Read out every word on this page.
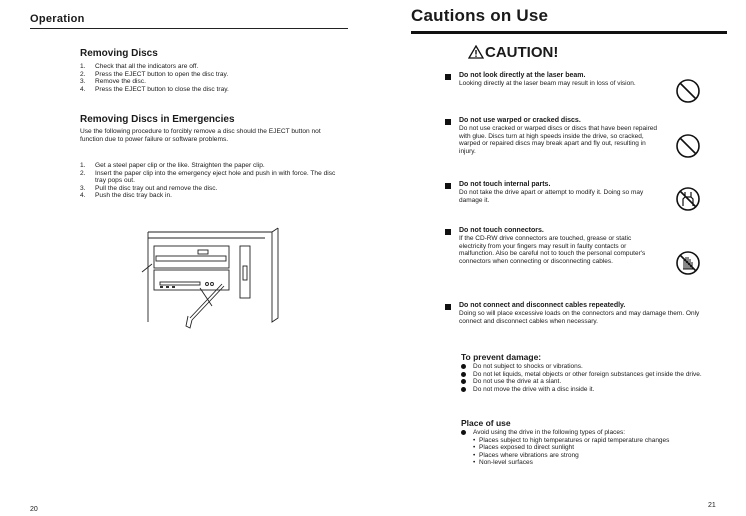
Operation
Removing Discs
1. Check that all the indicators are off.
2. Press the EJECT button to open the disc tray.
3. Remove the disc.
4. Press the EJECT button to close the disc tray.
Removing Discs in Emergencies
Use the following procedure to forcibly remove a disc should the EJECT button not function due to power failure or software problems.
1. Get a steel paper clip or the like. Straighten the paper clip.
2. Insert the paper clip into the emergency eject hole and push in with force. The disc tray pops out.
3. Pull the disc tray out and remove the disc.
4. Push the disc tray back in.
20
Cautions on Use
CAUTION!
Do not look directly at the laser beam.
Looking directly at the laser beam may result in loss of vision.
Do not use warped or cracked discs.
Do not use cracked or warped discs or discs that have been repaired with glue. Discs turn at high speeds inside the drive, so cracked, warped or repaired discs may break apart and fly out, resulting in injury.
Do not touch internal parts.
Do not take the drive apart or attempt to modify it. Doing so may damage it.
Do not touch connectors.
If the CD-RW drive connectors are touched, grease or static electricity from your fingers may result in faulty contacts or malfunction. Also be careful not to touch the personal computer's connectors when connecting or disconnecting cables.
Do not connect and disconnect cables repeatedly.
Doing so will place excessive loads on the connectors and may damage them. Only connect and disconnect cables when necessary.
To prevent damage:
Do not subject to shocks or vibrations.
Do not let liquids, metal objects or other foreign substances get inside the drive.
Do not use the drive at a slant.
Do not move the drive with a disc inside it.
Place of use
Avoid using the drive in the following types of places:
• Places subject to high temperatures or rapid temperature changes
• Places exposed to direct sunlight
• Places where vibrations are strong
• Non-level surfaces
21
